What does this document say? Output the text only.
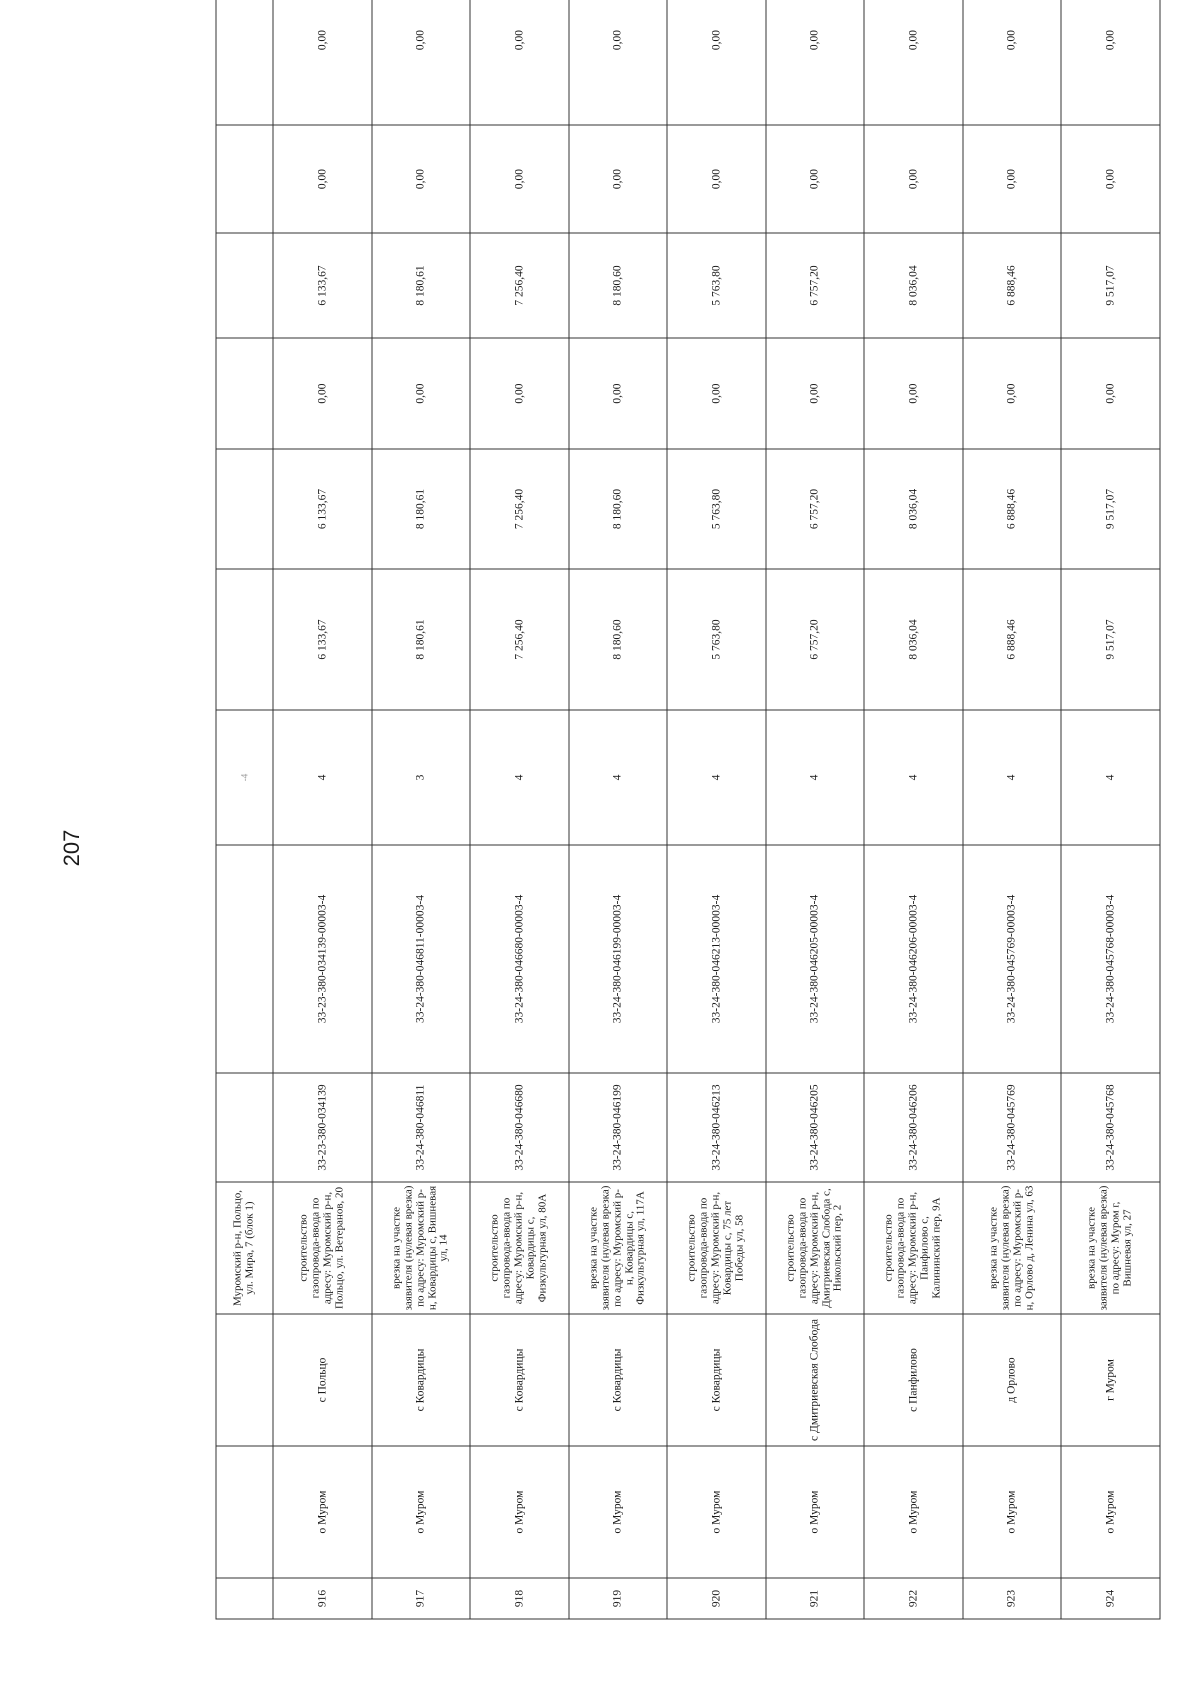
207
			Муромский р-н, Польцо, ул. Мира, 7 (блок 1)			-4						
916	о Муром	с Польцо	строительство газопровода-ввода по адресу: Муромский р-н, Польцо, ул. Ветеранов, 20	33-23-380-034139	33-23-380-034139-00003-4	4	6 133,67	6 133,67	0,00	6 133,67	0,00	0,00
917	о Муром	с Ковардицы	врезка на участке заявителя (нулевая врезка) по адресу: Муромский р-н, Ковардицы с, Вишневая ул, 14	33-24-380-046811	33-24-380-046811-00003-4	3	8 180,61	8 180,61	0,00	8 180,61	0,00	0,00
918	о Муром	с Ковардицы	строительство газопровода-ввода по адресу: Муромский р-н, Ковардицы с, Физкультурная ул, 80А	33-24-380-046680	33-24-380-046680-00003-4	4	7 256,40	7 256,40	0,00	7 256,40	0,00	0,00
919	о Муром	с Ковардицы	врезка на участке заявителя (нулевая врезка) по адресу: Муромский р-н, Ковардицы с, Физкультурная ул, 117А	33-24-380-046199	33-24-380-046199-00003-4	4	8 180,60	8 180,60	0,00	8 180,60	0,00	0,00
920	о Муром	с Ковардицы	строительство газопровода-ввода по адресу: Муромский р-н, Ковардицы с, 75 лет Победы ул, 58	33-24-380-046213	33-24-380-046213-00003-4	4	5 763,80	5 763,80	0,00	5 763,80	0,00	0,00
921	о Муром	с Дмитриевская Слобода	строительство газопровода-ввода по адресу: Муромский р-н, Дмитриевская Слобода с, Никольский пер, 2	33-24-380-046205	33-24-380-046205-00003-4	4	6 757,20	6 757,20	0,00	6 757,20	0,00	0,00
922	о Муром	с Панфилово	строительство газопровода-ввода по адресу: Муромский р-н, Панфилово с, Калининский пер, 9А	33-24-380-046206	33-24-380-046206-00003-4	4	8 036,04	8 036,04	0,00	8 036,04	0,00	0,00
923	о Муром	д Орлово	врезка на участке заявителя (нулевая врезка) по адресу: Муромский р-н, Орлово д, Ленина ул, 63	33-24-380-045769	33-24-380-045769-00003-4	4	6 888,46	6 888,46	0,00	6 888,46	0,00	0,00
924	о Муром	г Муром	врезка на участке заявителя (нулевая врезка) по адресу: Муром г, Вишневая ул, 27	33-24-380-045768	33-24-380-045768-00003-4	4	9 517,07	9 517,07	0,00	9 517,07	0,00	0,00
